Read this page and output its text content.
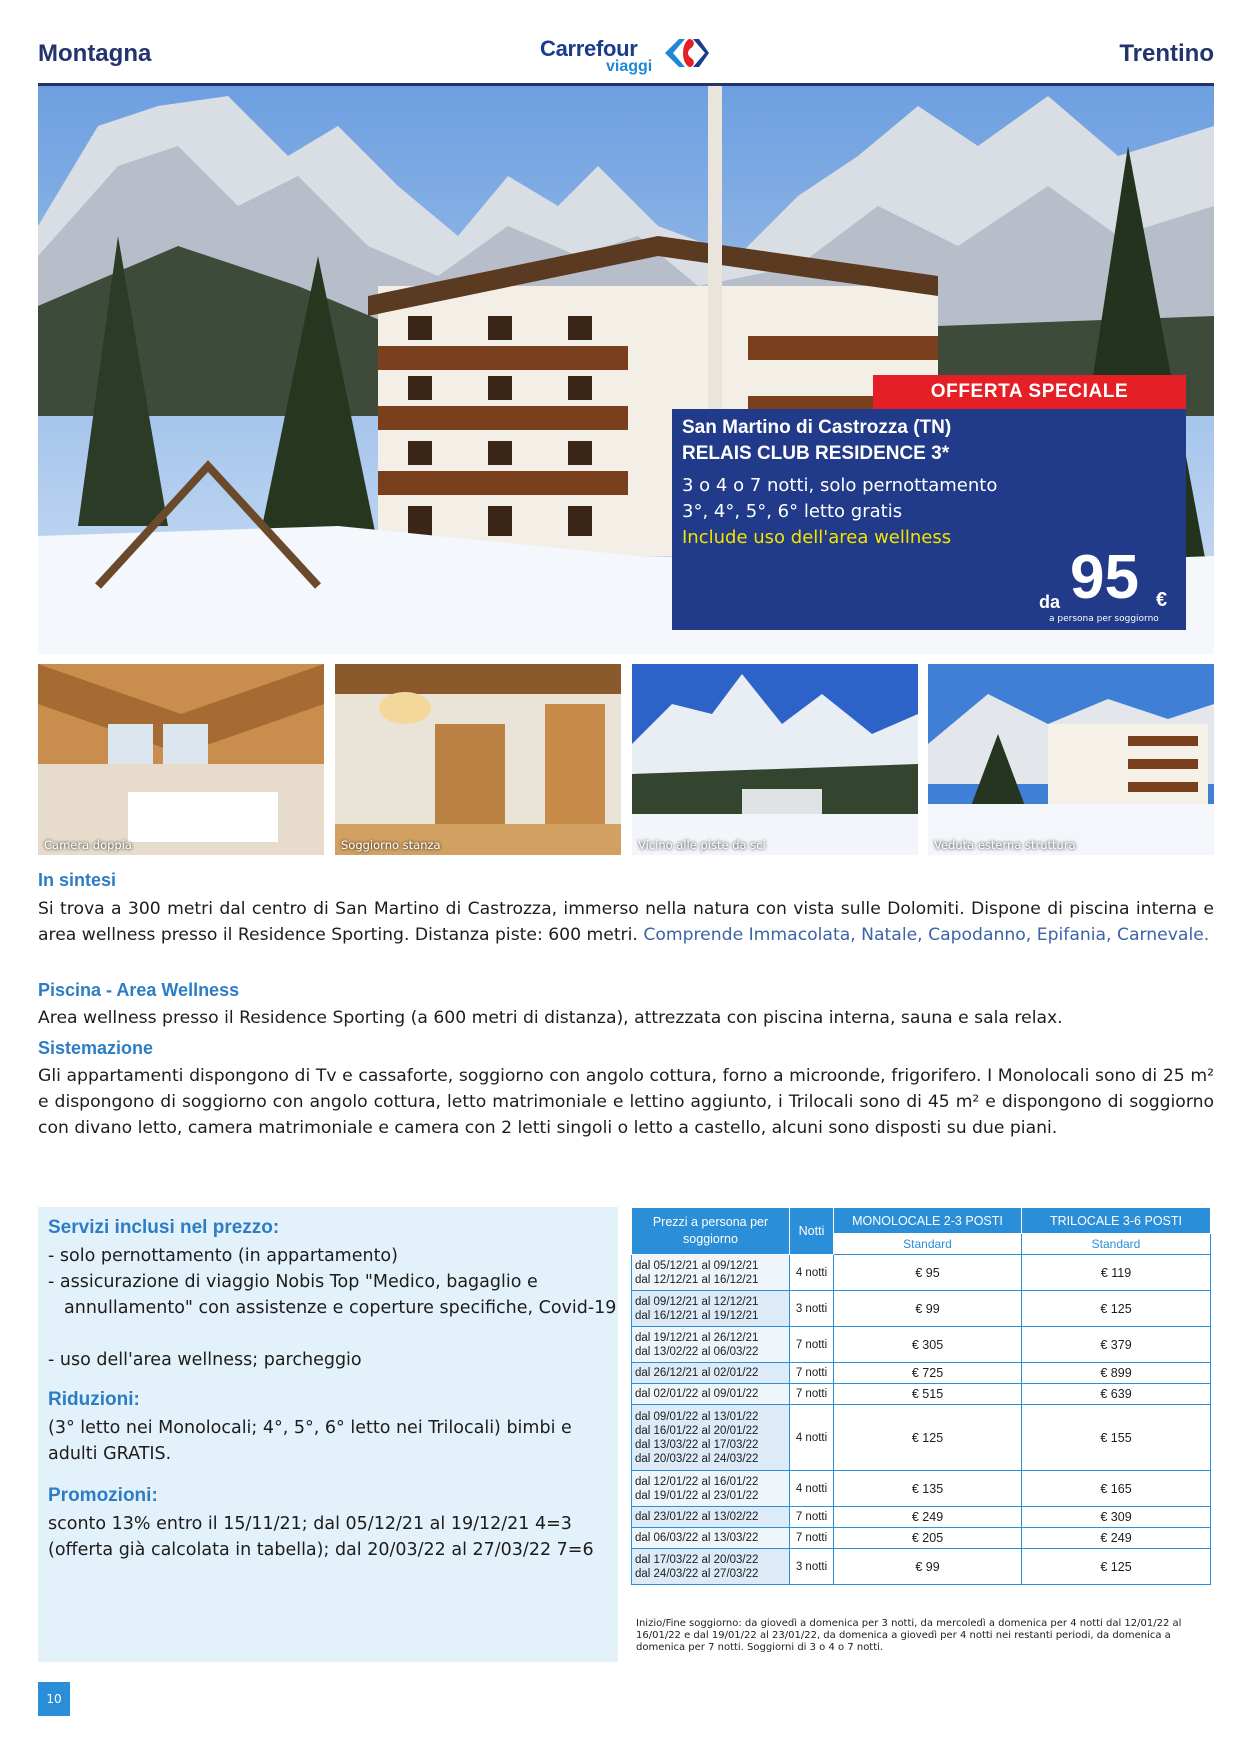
Montagna	Carrefour
viaggi	Trentino
OFFERTA SPECIALE
San Martino di Castrozza (TN)
RELAIS CLUB RESIDENCE 3*
3 o 4 o 7 notti, solo pernottamento
3°, 4°, 5°, 6° letto gratis
Include uso dell'area wellness
da 95 €
a persona per soggiorno
Camera doppia	Soggiorno stanza	Vicino alle piste da sci	Veduta esterna struttura
In sintesi
Si trova a 300 metri dal centro di San Martino di Castrozza, immerso nella natura con vista sulle Dolomiti. Dispone di piscina interna e area wellness presso il Residence Sporting. Distanza piste: 600 metri. Comprende Immacolata, Natale, Capodanno, Epifania, Carnevale.
Piscina - Area Wellness
Area wellness presso il Residence Sporting (a 600 metri di distanza), attrezzata con piscina interna, sauna e sala relax.
Sistemazione
Gli appartamenti dispongono di Tv e cassaforte, soggiorno con angolo cottura, forno a microonde, frigorifero. I Monolocali sono di 25 m² e dispongono di soggiorno con angolo cottura, letto matrimoniale e lettino aggiunto, i Trilocali sono di 45 m² e dispongono di soggiorno con divano letto, camera matrimoniale e camera con 2 letti singoli o letto a castello, alcuni sono disposti su due piani.
Servizi inclusi nel prezzo:
- solo pernottamento (in appartamento)
- assicurazione di viaggio Nobis Top "Medico, bagaglio e annullamento" con assistenze e coperture specifiche, Covid-19
- uso dell'area wellness; parcheggio
Riduzioni:
(3° letto nei Monolocali; 4°, 5°, 6° letto nei Trilocali) bimbi e adulti GRATIS.
Promozioni:
sconto 13% entro il 15/11/21; dal 05/12/21 al 19/12/21 4=3 (offerta già calcolata in tabella); dal 20/03/22 al 27/03/22 7=6
Prezzi a persona per soggiorno	Notti	MONOLOCALE 2-3 POSTI	TRILOCALE 3-6 POSTI
		Standard	Standard
dal 05/12/21 al 09/12/21
dal 12/12/21 al 16/12/21	4 notti	€ 95	€ 119
dal 09/12/21 al 12/12/21
dal 16/12/21 al 19/12/21	3 notti	€ 99	€ 125
dal 19/12/21 al 26/12/21
dal 13/02/22 al 06/03/22	7 notti	€ 305	€ 379
dal 26/12/21 al 02/01/22	7 notti	€ 725	€ 899
dal 02/01/22 al 09/01/22	7 notti	€ 515	€ 639
dal 09/01/22 al 13/01/22
dal 16/01/22 al 20/01/22
dal 13/03/22 al 17/03/22
dal 20/03/22 al 24/03/22	4 notti	€ 125	€ 155
dal 12/01/22 al 16/01/22
dal 19/01/22 al 23/01/22	4 notti	€ 135	€ 165
dal 23/01/22 al 13/02/22	7 notti	€ 249	€ 309
dal 06/03/22 al 13/03/22	7 notti	€ 205	€ 249
dal 17/03/22 al 20/03/22
dal 24/03/22 al 27/03/22	3 notti	€ 99	€ 125
Inizio/Fine soggiorno: da giovedì a domenica per 3 notti, da mercoledì a domenica per 4 notti dal 12/01/22 al 16/01/22 e dal 19/01/22 al 23/01/22, da domenica a giovedì per 4 notti nei restanti periodi, da domenica a domenica per 7 notti. Soggiorni di 3 o 4 o 7 notti.
10
